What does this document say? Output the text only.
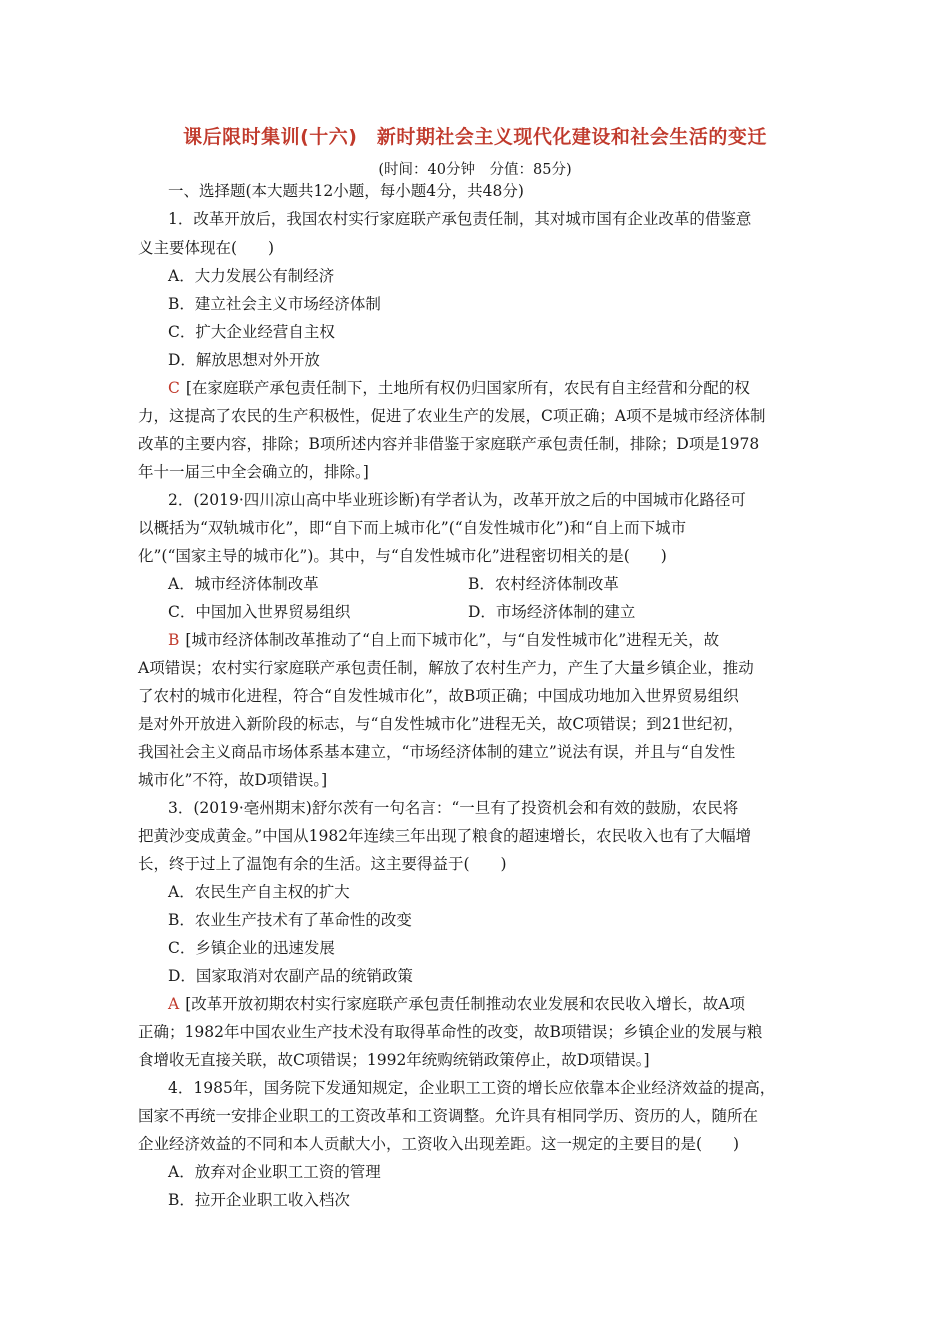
课后限时集训(十六)　新时期社会主义现代化建设和社会生活的变迁
(时间：40分钟　分值：85分)
一、选择题(本大题共12小题，每小题4分，共48分)
1．改革开放后，我国农村实行家庭联产承包责任制，其对城市国有企业改革的借鉴意
义主要体现在(　　)
A．大力发展公有制经济
B．建立社会主义市场经济体制
C．扩大企业经营自主权
D．解放思想对外开放
C [在家庭联产承包责任制下，土地所有权仍归国家所有，农民有自主经营和分配的权
力，这提高了农民的生产积极性，促进了农业生产的发展，C项正确；A项不是城市经济体制
改革的主要内容，排除；B项所述内容并非借鉴于家庭联产承包责任制，排除；D项是1978
年十一届三中全会确立的，排除。]
2．(2019·四川凉山高中毕业班诊断)有学者认为，改革开放之后的中国城市化路径可
以概括为“双轨城市化”，即“自下而上城市化”(“自发性城市化”)和“自上而下城市
化”(“国家主导的城市化”)。其中，与“自发性城市化”进程密切相关的是(　　)
A．城市经济体制改革	B．农村经济体制改革
C．中国加入世界贸易组织	D．市场经济体制的建立
B [城市经济体制改革推动了“自上而下城市化”，与“自发性城市化”进程无关，故
A项错误；农村实行家庭联产承包责任制，解放了农村生产力，产生了大量乡镇企业，推动
了农村的城市化进程，符合“自发性城市化”，故B项正确；中国成功地加入世界贸易组织
是对外开放进入新阶段的标志，与“自发性城市化”进程无关，故C项错误；到21世纪初，
我国社会主义商品市场体系基本建立，“市场经济体制的建立”说法有误，并且与“自发性
城市化”不符，故D项错误。]
3．(2019·亳州期末)舒尔茨有一句名言：“一旦有了投资机会和有效的鼓励，农民将
把黄沙变成黄金。”中国从1982年连续三年出现了粮食的超速增长，农民收入也有了大幅增
长，终于过上了温饱有余的生活。这主要得益于(　　)
A．农民生产自主权的扩大
B．农业生产技术有了革命性的改变
C．乡镇企业的迅速发展
D．国家取消对农副产品的统销政策
A [改革开放初期农村实行家庭联产承包责任制推动农业发展和农民收入增长，故A项
正确；1982年中国农业生产技术没有取得革命性的改变，故B项错误；乡镇企业的发展与粮
食增收无直接关联，故C项错误；1992年统购统销政策停止，故D项错误。]
4．1985年，国务院下发通知规定，企业职工工资的增长应依靠本企业经济效益的提高，
国家不再统一安排企业职工的工资改革和工资调整。允许具有相同学历、资历的人，随所在
企业经济效益的不同和本人贡献大小，工资收入出现差距。这一规定的主要目的是(　　)
A．放弃对企业职工工资的管理
B．拉开企业职工收入档次
